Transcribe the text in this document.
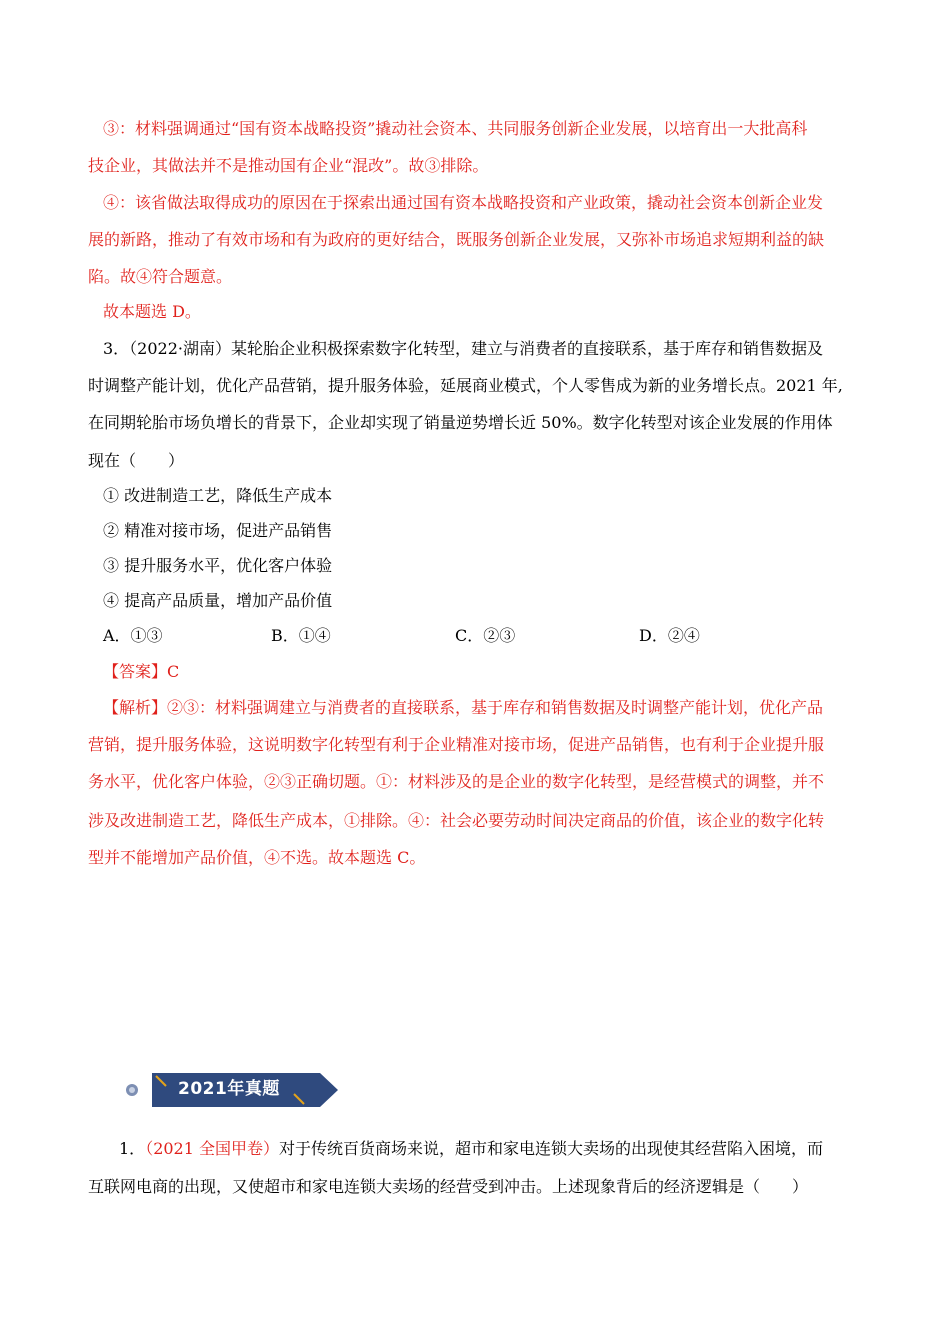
③：材料强调通过“国有资本战略投资”撬动社会资本、共同服务创新企业发展，以培育出一大批高科
技企业，其做法并不是推动国有企业“混改”。故③排除。
④：该省做法取得成功的原因在于探索出通过国有资本战略投资和产业政策，撬动社会资本创新企业发
展的新路，推动了有效市场和有为政府的更好结合，既服务创新企业发展，又弥补市场追求短期利益的缺
陷。故④符合题意。
故本题选 D。
3．（2022·湖南）某轮胎企业积极探索数字化转型，建立与消费者的直接联系，基于库存和销售数据及
时调整产能计划，优化产品营销，提升服务体验，延展商业模式，个人零售成为新的业务增长点。2021 年,
在同期轮胎市场负增长的背景下，企业却实现了销量逆势增长近 50%。数字化转型对该企业发展的作用体
现在（　　）
① 改进制造工艺，降低生产成本
② 精准对接市场，促进产品销售
③ 提升服务水平，优化客户体验
④ 提高产品质量，增加产品价值
A．①③	B．①④	C．②③	D．②④
【答案】C
【解析】②③：材料强调建立与消费者的直接联系，基于库存和销售数据及时调整产能计划，优化产品
营销，提升服务体验，这说明数字化转型有利于企业精准对接市场，促进产品销售，也有利于企业提升服
务水平，优化客户体验，②③正确切题。①：材料涉及的是企业的数字化转型，是经营模式的调整，并不
涉及改进制造工艺，降低生产成本，①排除。④：社会必要劳动时间决定商品的价值，该企业的数字化转
型并不能增加产品价值，④不选。故本题选 C。
2021年真题
1．（2021 全国甲卷）对于传统百货商场来说，超市和家电连锁大卖场的出现使其经营陷入困境，而
互联网电商的出现，又使超市和家电连锁大卖场的经营受到冲击。上述现象背后的经济逻辑是（　　）
